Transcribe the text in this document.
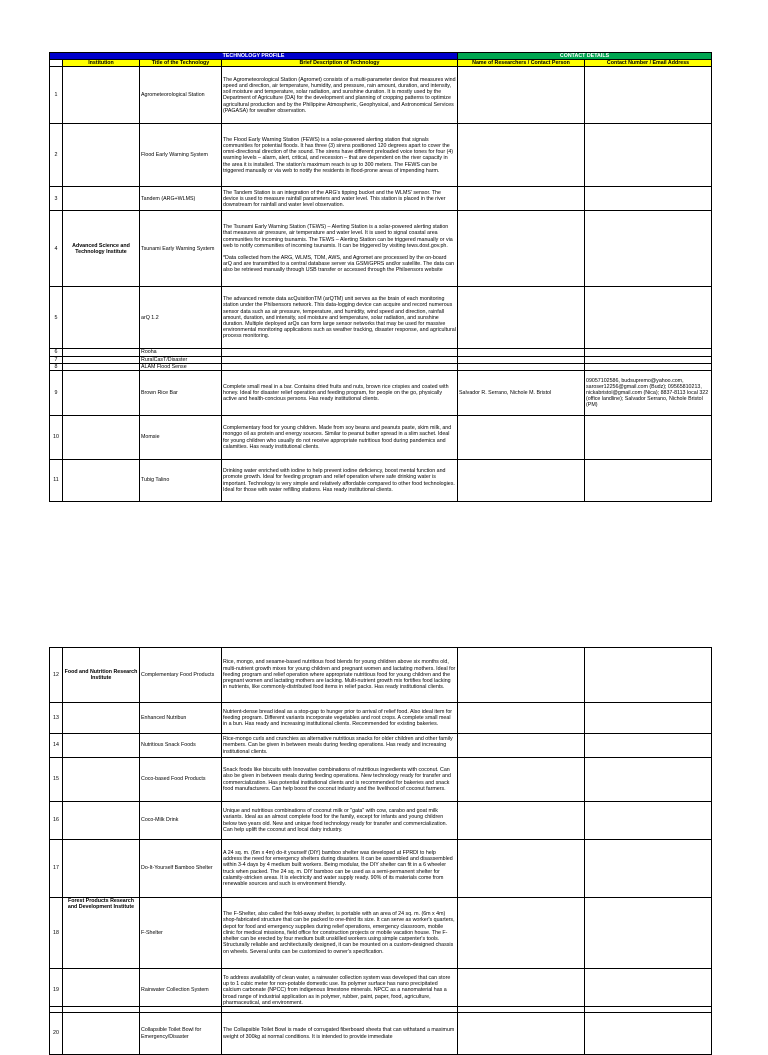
TECHNOLOGY PROFILE				CONTACT DETAILS	
	Institution	Title of the Technology	Brief Description of Technology	Name of Researchers / Contact Person	Contact Number / Email Address
1		Agrometeorological Station	The Agrometeorological Station (Agromet) consists of a multi-parameter device that measures wind speed and direction, air temperature, humidity, and pressure, rain amount, duration, and intensity, soil moisture and temperature, solar radiation, and sunshine duration. It is mostly used by the Department of Agriculture (DA) for the development and planning of cropping patterns to optimize agricultural production and by the Philippine Atmospheric, Geophysical, and Astronomical Services (PAGASA) for weather observation.		
2		Flood Early Warning System	The Flood Early Warning Station (FEWS) is a solar-powered alerting station that signals communities for potential floods. It has three (3) sirens positioned 120 degrees apart to cover the omni-directional direction of the sound. The sirens have different preloaded voice tones for four (4) warning levels – alarm, alert, critical, and recession – that are dependent on the river capacity in the area it is installed. The station's maximum reach is up to 300 meters. The FEWS can be triggered manually or via web to notify the residents in flood-prone areas of impending harm.		
3		Tandem (ARG+WLMS)	The Tandem Station is an integration of the ARG's tipping bucket and the WLMS' sensor. The device is used to measure rainfall parameters and water level. This station is placed in the river downstream for rainfall and water level observation.		
4	Advanced Science and Technology Institute	Tsunami Early Warning System	The Tsunami Early Warning Station (TEWS) – Alerting Station is a solar-powered alerting station that measures air pressure, air temperature and water level. It is used to signal coastal area communities for incoming tsunamis. The TEWS – Alerting Station can be triggered manually or via web to notify communities of incoming tsunamis. It can be triggered by visiting tews.dost.gov.ph.
*Data collected from the ARG, WLMS, TDM, AWS, and Agromet are processed by the on-board arQ and are transmitted to a central database server via GSM/GPRS and/or satellite. The data can also be retrieved manually through USB transfer or accessed through the Philsensors website		

5		arQ 1.2	The advanced remote data acQuisitionTM (arQTM) unit serves as the brain of each monitoring station under the Philsensors network. This data-logging device can acquire and record numerous sensor data such as air pressure, temperature, and humidity, wind speed and direction, rainfall amount, duration, and intensity, soil moisture and temperature, solar radiation, and sunshine duration. Multiple deployed arQs can form large sensor networks that may be used for massive environmental monitoring applications such as weather tracking, disaster response, and agricultural process monitoring.		
6		Rooha			
7		RuralCasT/Disaster			
8		ALAM Flood Sense			
9		Brown Rice Bar	Complete small meal in a bar. Contains dried fruits and nuts, brown rice crispies and coated with honey. Ideal for disaster relief operation and feeding program, for people on the go, physically active and health-concious persons. Has ready institutional clients.	Salvador R. Serrano, Nichole M. Bristol	09057102586, budsupremo@yahoo.com, saroser12256@gmail.com (Budz); 09565810213, nickabristol@gmail.com (Nica); 8837-8113 local 322 (office landline); Salvador Serrano, Nichole Bristol (PM)
10		Momsie	Complementary food for young children. Made from soy beans and peanuts paste, skim milk, and monggo oil as protein and energy sources. Similar to peanut butter spread in a slim sachet. Ideal for young children who usually do not receive appropriate nutritious food during pandemics and calamities. Has ready institutional clients.		
11		Tubig Talino	Drinking water enriched with iodine to help prevent iodine deficiency, boost mental function and promote growth. Ideal for feeding program and relief operation where safe drinking water is important. Technology is very simple and relatively affordable compared to other food technologies. Ideal for those with water refilling stations. Has ready institutional clients.		
12	Food and Nutrition Research Institute	Complementary Food Products	Rice, mongo, and sesame-based nutritious food blends for young children above six months old, multi-nutrient growth mixes for young children and pregnant women and lactating mothers. Ideal for feeding program and relief operation where appropriate nutritious food for young children and the pregnant women and lactating mothers are lacking. Multi-nutrient growth mix fortifies food lacking in nutrients, like commonly-distributed food items in relief packs. Has ready institutional clients.		
13		Enhanced Nutribun	Nutrient-dense bread ideal as a stop-gap to hunger prior to arrival of relief food. Also ideal item for feeding program. Different variants incorporate vegetables and root crops. A complete small meal in a bun. Has ready and increasing institutional clients. Recommended for existing bakeries.		
14		Nutritious Snack Foods	Rice-mongo curls and crunchies as alternative nutritious snacks for older children and other family members. Can be given in between meals during feeding operations. Has ready and increasing institutional clients.		
15		Coco-based Food Products	Snack foods like biscuits with Innovative combinations of nutritious ingredients with coconut. Can also be given in between meals during feeding operations. New technology ready for transfer and commercialization. Has potential institutional clients and is recommended for bakeries and snack food manufacturers. Can help boost the coconut industry and the livelihood of coconut farmers.		
16		Coco-Milk Drink	Unique and nutritious combinations of coconut milk or "gata" with cow, carabo and goat milk variants. Ideal as an almost complete food for the family, except for infants and young children below two years old. New and unique food technology ready for transfer and commercialization. Can help uplift the coconut and local dairy industry.		
17		Do-It-Yourself Bamboo Shelter	A 24 sq. m. (6m x 4m) do-it yourself (DIY) bamboo shelter was developed at FPRDI to help address the need for emergency shelters during disasters. It can be assembled and disassembled within 3-4 days by 4 medium built workers. Being modular, the DIY shelter can fit in a 6 wheeler truck when packed. The 24 sq. m. DIY bamboo can be used as a semi-permanent shelter for calamity-stricken areas. It is electricity and water supply ready. 90% of its materials come from renewable sources and such is environment friendly.		
18	Forest Products Research and Development Institute	F-Shelter	The F-Shelter, also called the fold-away shelter, is portable with an area of 24 sq. m. (6m x 4m) shop-fabricated structure that can be packed to one-third its size. It can serve as worker's quarters, depot for food and emergency supplies during relief operations, emergency classroom, mobile clinic for medical missions, field office for construction projects or mobile vacation house. The F-shelter can be erected by four medium built unskilled workers using simple carpenter's tools. Structurally reliable and architecturally designed, it can be mounted on a custom-designed chassis on wheels. Several units can be customized to owner's specification.		
19		Rainwater Collection System	To address availability of clean water, a rainwater collection system was developed that can store up to 1 cubic meter for non-potable domestic use. Its polymer surface has nano precipitated calcium carbonate (NPCC) from indigenous limestone minerals. NPCC as a nanomaterial has a broad range of industrial application as in polymer, rubber, paint, paper, food, agriculture, pharmaceutical, and environment.		
20		Collapsible Toilet Bowl for Emergency/Disaster	The Collapsible Toilet Bowl is made of corrugated fiberboard sheets that can withstand a maximum weight of 300kg at normal conditions. It is intended to provide immediate		
